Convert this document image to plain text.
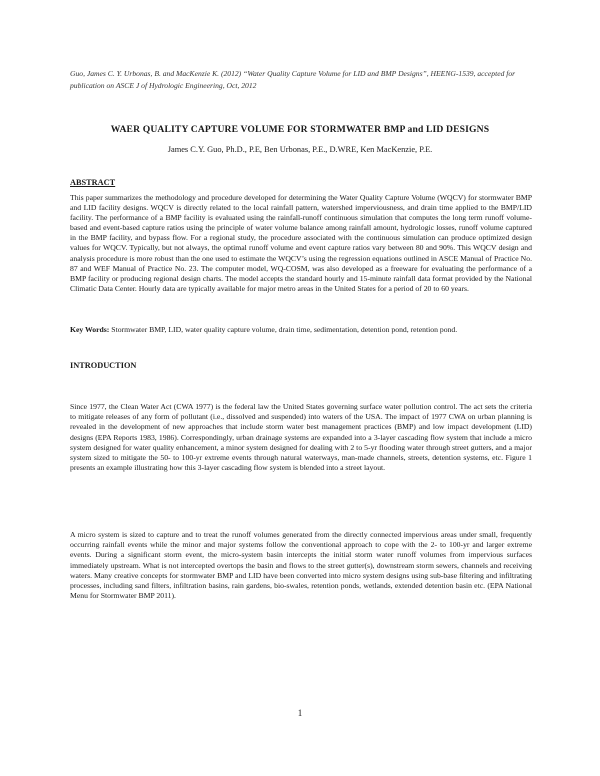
Guo, James C. Y. Urbonas, B. and MacKenzie K. (2012) “Water Quality Capture Volume for LID and BMP Designs”, HEENG-1539, accepted for publication on ASCE J of Hydrologic Engineering, Oct, 2012

WAER QUALITY CAPTURE VOLUME FOR STORMWATER BMP and LID DESIGNS

James C.Y. Guo, Ph.D., P.E, Ben Urbonas, P.E., D.WRE, Ken MacKenzie, P.E.

ABSTRACT

This paper summarizes the methodology and procedure developed for determining the Water Quality Capture Volume (WQCV) for stormwater BMP and LID facility designs. WQCV is directly related to the local rainfall pattern, watershed imperviousness, and drain time applied to the BMP/LID facility. The performance of a BMP facility is evaluated using the rainfall-runoff continuous simulation that computes the long term runoff volume-based and event-based capture ratios using the principle of water volume balance among rainfall amount, hydrologic losses, runoff volume captured in the BMP facility, and bypass flow. For a regional study, the procedure associated with the continuous simulation can produce optimized design values for WQCV. Typically, but not always, the optimal runoff volume and event capture ratios vary between 80 and 90%. This WQCV design and analysis procedure is more robust than the one used to estimate the WQCV’s using the regression equations outlined in ASCE Manual of Practice No. 87 and WEF Manual of Practice No. 23. The computer model, WQ-COSM, was also developed as a freeware for evaluating the performance of a BMP facility or producing regional design charts. The model accepts the standard hourly and 15-minute rainfall data format provided by the National Climatic Data Center. Hourly data are typically available for major metro areas in the United States for a period of 20 to 60 years.

Key Words: Stormwater BMP, LID, water quality capture volume, drain time, sedimentation, detention pond, retention pond.

INTRODUCTION

Since 1977, the Clean Water Act (CWA 1977) is the federal law the United States governing surface water pollution control. The act sets the criteria to mitigate releases of any form of pollutant (i.e., dissolved and suspended) into waters of the USA. The impact of 1977 CWA on urban planning is revealed in the development of new approaches that include storm water best management practices (BMP) and low impact development (LID) designs (EPA Reports 1983, 1986). Correspondingly, urban drainage systems are expanded into a 3-layer cascading flow system that include a micro system designed for water quality enhancement, a minor system designed for dealing with 2 to 5-yr flooding water through street gutters, and a major system sized to mitigate the 50- to 100-yr extreme events through natural waterways, man-made channels, streets, detention systems, etc. Figure 1 presents an example illustrating how this 3-layer cascading flow system is blended into a street layout.

A micro system is sized to capture and to treat the runoff volumes generated from the directly connected impervious areas under small, frequently occurring rainfall events while the minor and major systems follow the conventional approach to cope with the 2- to 100-yr and larger extreme events. During a significant storm event, the micro-system basin intercepts the initial storm water runoff volumes from impervious surfaces immediately upstream. What is not intercepted overtops the basin and flows to the street gutter(s), downstream storm sewers, channels and receiving waters. Many creative concepts for stormwater BMP and LID have been converted into micro system designs using sub-base filtering and infiltrating processes, including sand filters, infiltration basins, rain gardens, bio-swales, retention ponds, wetlands, extended detention basin etc. (EPA National Menu for Stormwater BMP 2011).

1
